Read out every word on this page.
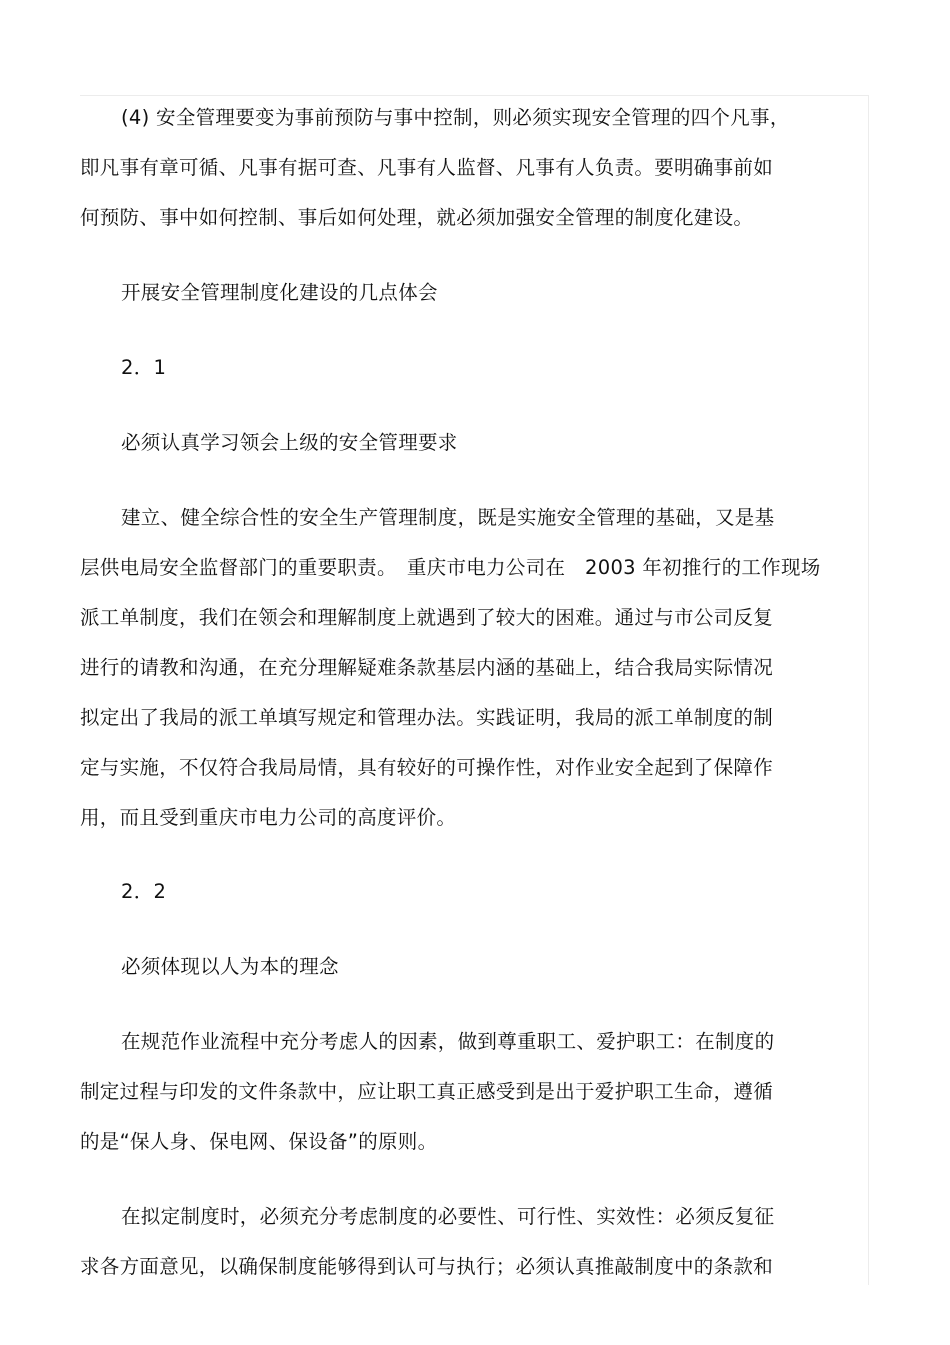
(4) 安全管理要变为事前预防与事中控制，则必须实现安全管理的四个凡事，
即凡事有章可循、凡事有据可查、凡事有人监督、凡事有人负责。要明确事前如
何预防、事中如何控制、事后如何处理，就必须加强安全管理的制度化建设。
开展安全管理制度化建设的几点体会
2．1
必须认真学习领会上级的安全管理要求
建立、健全综合性的安全生产管理制度，既是实施安全管理的基础，又是基
层供电局安全监督部门的重要职责。　重庆市电力公司在　2003 年初推行的工作现场
派工单制度，我们在领会和理解制度上就遇到了较大的困难。通过与市公司反复
进行的请教和沟通，在充分理解疑难条款基层内涵的基础上，结合我局实际情况
拟定出了我局的派工单填写规定和管理办法。实践证明，我局的派工单制度的制
定与实施，不仅符合我局局情，具有较好的可操作性，对作业安全起到了保障作
用，而且受到重庆市电力公司的高度评价。
2．2
必须体现以人为本的理念
在规范作业流程中充分考虑人的因素，做到尊重职工、爱护职工：在制度的
制定过程与印发的文件条款中，应让职工真正感受到是出于爱护职工生命，遵循
的是“保人身、保电网、保设备”的原则。
在拟定制度时，必须充分考虑制度的必要性、可行性、实效性：必须反复征
求各方面意见，以确保制度能够得到认可与执行；必须认真推敲制度中的条款和
